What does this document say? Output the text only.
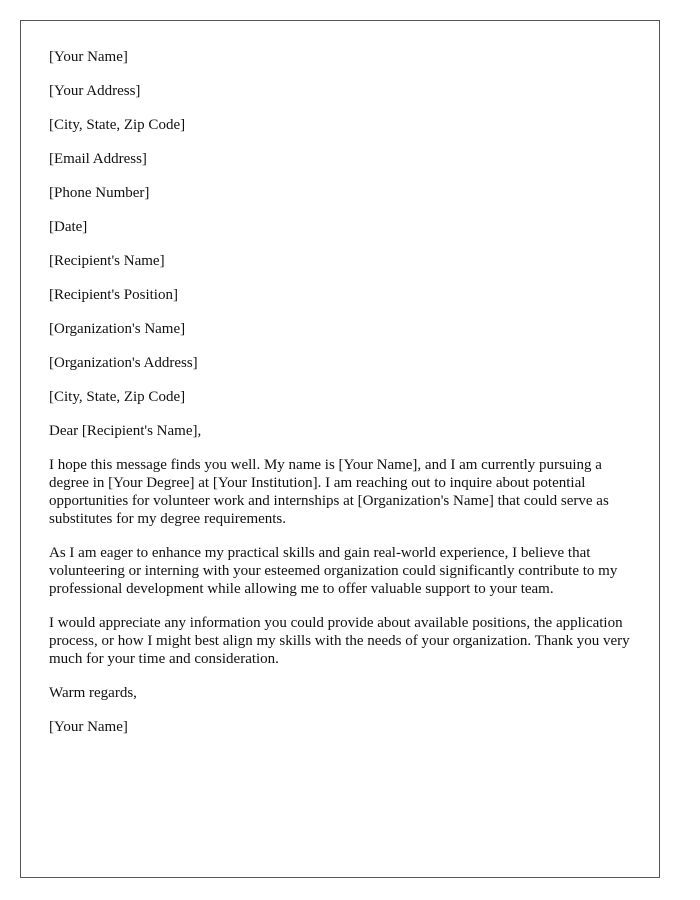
[Your Name]
[Your Address]
[City, State, Zip Code]
[Email Address]
[Phone Number]
[Date]
[Recipient's Name]
[Recipient's Position]
[Organization's Name]
[Organization's Address]
[City, State, Zip Code]
Dear [Recipient's Name],
I hope this message finds you well. My name is [Your Name], and I am currently pursuing a degree in [Your Degree] at [Your Institution]. I am reaching out to inquire about potential opportunities for volunteer work and internships at [Organization's Name] that could serve as substitutes for my degree requirements.
As I am eager to enhance my practical skills and gain real-world experience, I believe that volunteering or interning with your esteemed organization could significantly contribute to my professional development while allowing me to offer valuable support to your team.
I would appreciate any information you could provide about available positions, the application process, or how I might best align my skills with the needs of your organization. Thank you very much for your time and consideration.
Warm regards,
[Your Name]
